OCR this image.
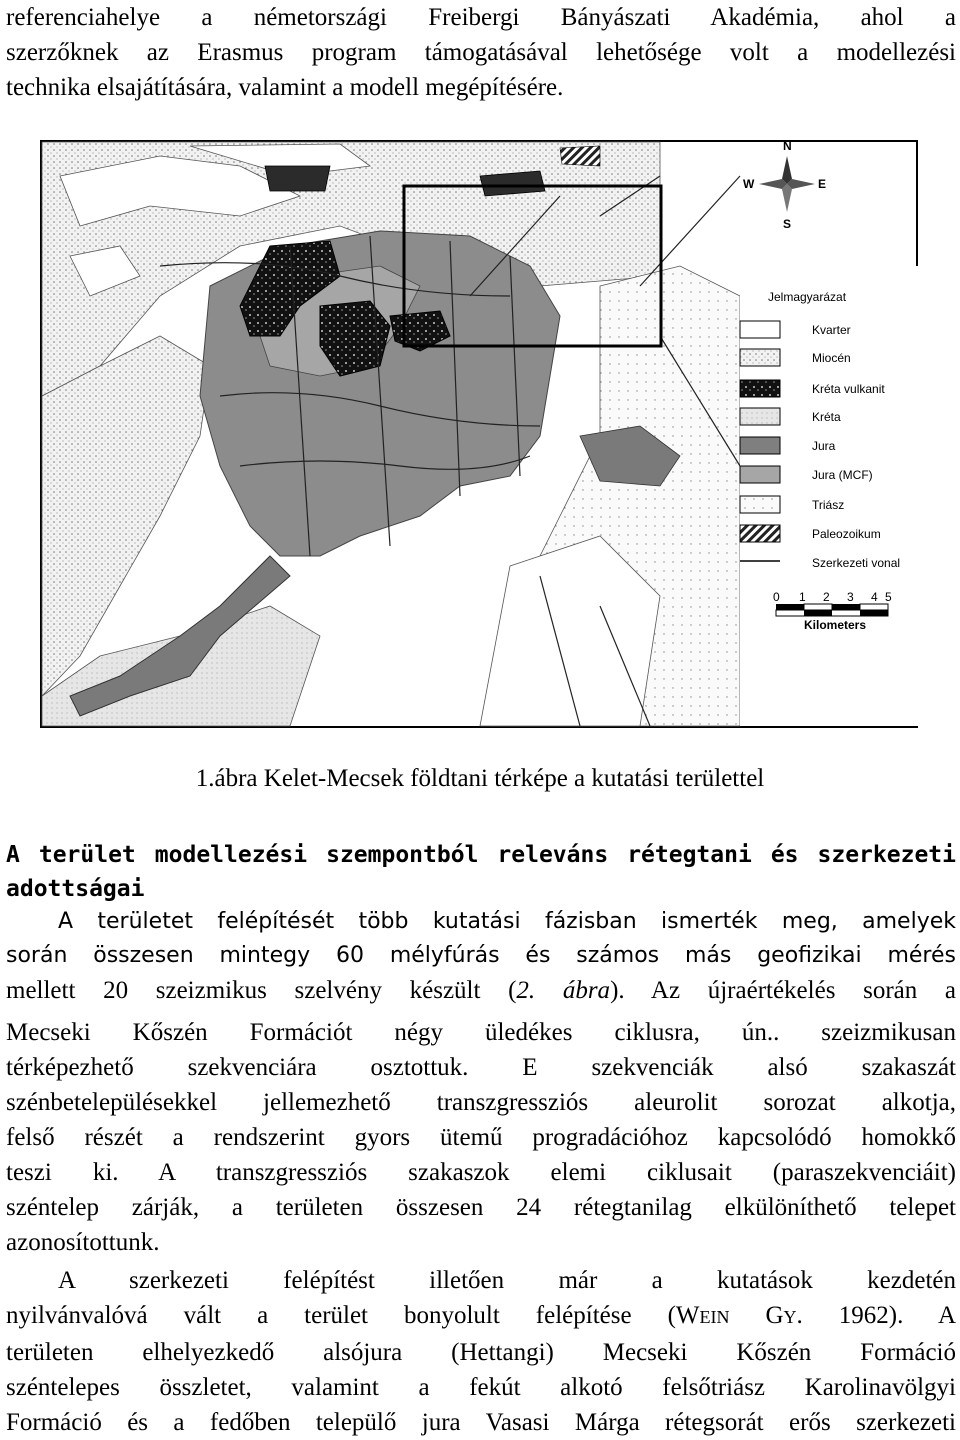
referenciahelye a németországi Freibergi Bányászati Akadémia, ahol a
szerzőknek az Erasmus program támogatásával lehetősége volt a modellezési
technika elsajátítására, valamint a modell megépítésére.
Jelmagyarázat
Kvarter
Miocén
Kréta vulkanit
Kréta
Jura
Jura (MCF)
Triász
Paleozoikum
Szerkezeti vonal
0 1 2 3 4 5
Kilometers
N
S
E
W
1.ábra Kelet-Mecsek földtani térképe a kutatási területtel
A terület modellezési szempontból releváns rétegtani és szerkezeti
adottságai
A területet felépítését több kutatási fázisban ismerték meg, amelyek
során összesen mintegy 60 mélyfúrás és számos más geofizikai mérés
mellett 20 szeizmikus szelvény készült (2. ábra). Az újraértékelés során a
Mecseki Kőszén Formációt négy üledékes ciklusra, ún.. szeizmikusan
térképezhető szekvenciára osztottuk. E szekvenciák alsó szakaszát
szénbetelepülésekkel jellemezhető transzgressziós aleurolit sorozat alkotja,
felső részét a rendszerint gyors ütemű progradációhoz kapcsolódó homokkő
teszi ki. A transzgressziós szakaszok elemi ciklusait (paraszekvenciáit)
széntelep zárják, a területen összesen 24 rétegtanilag elkülöníthető telepet
azonosítottunk.
A szerkezeti felépítést illetően már a kutatások kezdetén
nyilvánvalóvá vált a terület bonyolult felépítése (WEIN GY. 1962). A
területen elhelyezkedő alsójura (Hettangi) Mecseki Kőszén Formáció
széntelepes összletet, valamint a fekút alkotó felsőtriász Karolinavölgyi
Formáció és a fedőben települő jura Vasasi Márga rétegsorát erős szerkezeti
